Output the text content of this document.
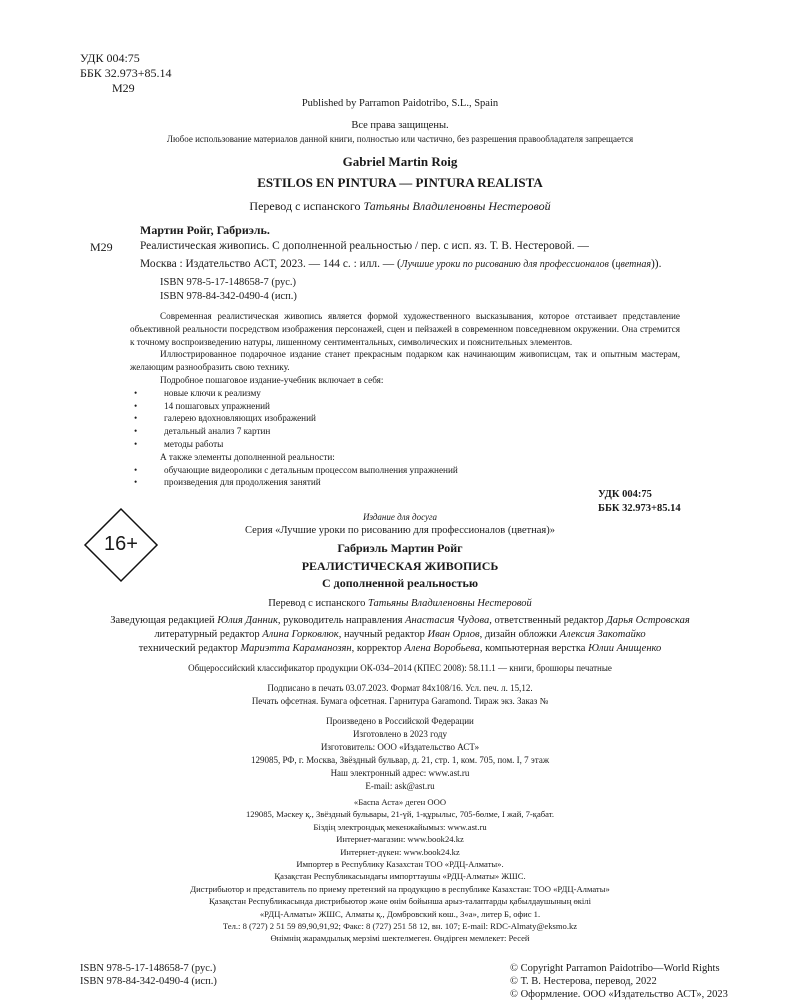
УДК 004:75
ББК 32.973+85.14
M29
Published by Parramon Paidotribo, S.L., Spain
Все права защищены.
Любое использование материалов данной книги, полностью или частично, без разрешения правообладателя запрещается
Gabriel Martin Roig
ESTILOS EN PINTURA — PINTURA REALISTA
Перевод с испанского Татьяны Владиленовны Нестеровой
Мартин Ройг, Габриэль.
M29 Реалистическая живопись. С дополненной реальностью / пер. с исп. яз. Т. В. Нестеровой. —
Москва : Издательство АСТ, 2023. — 144 с. : илл. — (Лучшие уроки по рисованию для профессионалов (цветная)).
ISBN 978-5-17-148658-7 (рус.)
ISBN 978-84-342-0490-4 (исп.)

Современная реалистическая живопись является формой художественного высказывания, которое отстаивает представление объективной реальности посредством изображения персонажей, сцен и пейзажей в современном повседневном окружении. Она стремится к точному воспроизведению натуры, лишенному сентиментальных, символических и пояснительных элементов.

Иллюстрированное подарочное издание станет прекрасным подарком как начинающим живописцам, так и опытным мастерам, желающим разнообразить свою технику.

Подробное пошаговое издание-учебник включает в себя:

• новые ключи к реализму
• 14 пошаговых упражнений
• галерею вдохновляющих изображений
• детальный анализ 7 картин
• методы работы

А также элементы дополненной реальности:

• обучающие видеоролики с детальным процессом выполнения упражнений
• произведения для продолжения занятий
УДК 004:75
ББК 32.973+85.14
16+
Издание для досуга
Серия «Лучшие уроки по рисованию для профессионалов (цветная)»
Габриэль Мартин Ройг
РЕАЛИСТИЧЕСКАЯ ЖИВОПИСЬ
С дополненной реальностью
Перевод с испанского Татьяны Владиленовны Нестеровой
Заведующая редакцией Юлия Данник, руководитель направления Анастасия Чудова, ответственный редактор Дарья Островская
литературный редактор Алина Горковлюк, научный редактор Иван Орлов, дизайн обложки Алексия Закотайко
технический редактор Мариэтта Караманозян, корректор Алена Воробьева, компьютерная верстка Юлии Анищенко
Общероссийский классификатор продукции ОК-034–2014 (КПЕС 2008): 58.11.1 — книги, брошюры печатные
Подписано в печать 03.07.2023. Формат 84x108/16. Усл. печ. л. 15,12.
Печать офсетная. Бумага офсетная. Гарнитура Garamond. Тираж экз. Заказ №
Произведено в Российской Федерации
Изготовлено в 2023 году
Изготовитель: ООО «Издательство АСТ»
129085, РФ, г. Москва, Звёздный бульвар, д. 21, стр. 1, ком. 705, пом. I, 7 этаж
Наш электронный адрес: www.ast.ru
E-mail: ask@ast.ru
«Баспа Аста» деген ООО
129085, Мәскеу қ., Звёздный бульвары, 21-үй, 1-құрылыс, 705-бөлме, I жай, 7-қабат.
Біздің электрондық мекенжайымыз: www.ast.ru
Интернет-магазин: www.book24.kz
Интернет-дүкен: www.book24.kz
Импортер в Республику Казахстан ТОО «РДЦ-Алматы».
Қазақстан Республикасындағы импорттаушы «РДЦ-Алматы» ЖШС.
Дистрибьютор и представитель по приему претензий на продукцию в республике Казахстан: ТОО «РДЦ-Алматы»
Қазақстан Республикасында дистрибьютор және өнім бойынша арыз-талаптарды қабылдаушының өкілі
«РДЦ-Алматы» ЖШС, Алматы қ., Домбровский көш., 3«а», литер Б, офис 1.
Тел.: 8 (727) 2 51 59 89,90,91,92; Факс: 8 (727) 251 58 12, вн. 107; E-mail: RDC-Almaty@eksmo.kz
Өнімнің жарамдылық мерзімі шектелмеген. Өндірген мемлекет: Ресей
ISBN 978-5-17-148658-7 (рус.)
ISBN 978-84-342-0490-4 (исп.)
© Copyright Parramon Paidotribo—World Rights
© Т. В. Нестерова, перевод, 2022
© Оформление. ООО «Издательство АСТ», 2023
